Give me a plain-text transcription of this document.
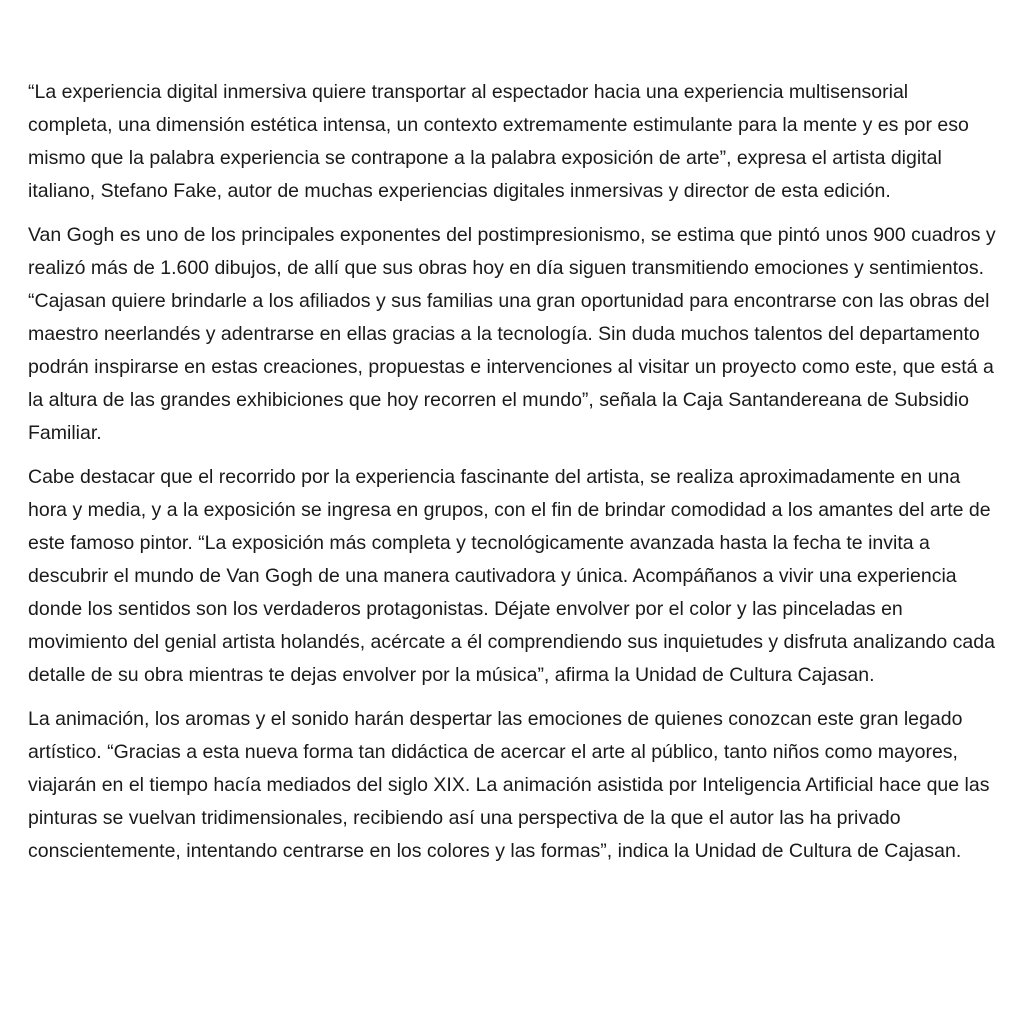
“La experiencia digital inmersiva quiere transportar al espectador hacia una experiencia multisensorial completa, una dimensión estética intensa, un contexto extremamente estimulante para la mente y es por eso mismo que la palabra experiencia se contrapone a la palabra exposición de arte”, expresa el artista digital italiano, Stefano Fake, autor de muchas experiencias digitales inmersivas y director de esta edición.

Van Gogh es uno de los principales exponentes del postimpresionismo, se estima que pintó unos 900 cuadros y realizó más de 1.600 dibujos, de allí que sus obras hoy en día siguen transmitiendo emociones y sentimientos. “Cajasan quiere brindarle a los afiliados y sus familias una gran oportunidad para encontrarse con las obras del maestro neerlandés y adentrarse en ellas gracias a la tecnología. Sin duda muchos talentos del departamento podrán inspirarse en estas creaciones, propuestas e intervenciones al visitar un proyecto como este, que está a la altura de las grandes exhibiciones que hoy recorren el mundo”, señala la Caja Santandereana de Subsidio Familiar.

Cabe destacar que el recorrido por la experiencia fascinante del artista, se realiza aproximadamente en una hora y media, y a la exposición se ingresa en grupos, con el fin de brindar comodidad a los amantes del arte de este famoso pintor. “La exposición más completa y tecnológicamente avanzada hasta la fecha te invita a descubrir el mundo de Van Gogh de una manera cautivadora y única. Acompáñanos a vivir una experiencia donde los sentidos son los verdaderos protagonistas. Déjate envolver por el color y las pinceladas en movimiento del genial artista holandés, acércate a él comprendiendo sus inquietudes y disfruta analizando cada detalle de su obra mientras te dejas envolver por la música”, afirma la Unidad de Cultura Cajasan.

La animación, los aromas y el sonido harán despertar las emociones de quienes conozcan este gran legado artístico. “Gracias a esta nueva forma tan didáctica de acercar el arte al público, tanto niños como mayores, viajarán en el tiempo hacía mediados del siglo XIX. La animación asistida por Inteligencia Artificial hace que las pinturas se vuelvan tridimensionales, recibiendo así una perspectiva de la que el autor las ha privado conscientemente, intentando centrarse en los colores y las formas”, indica la Unidad de Cultura de Cajasan.
